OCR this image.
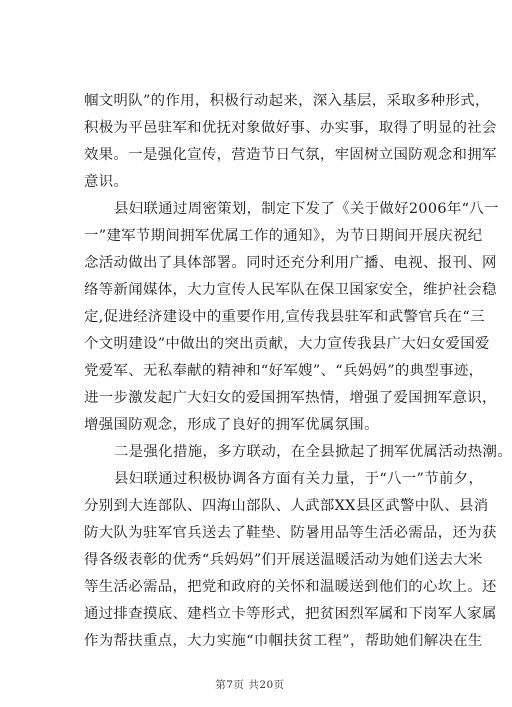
帼文明队”的作用，积极行动起来，深入基层，采取多种形式，
积极为平邑驻军和优抚对象做好事、办实事，取得了明显的社会
效果。一是强化宣传，营造节日气氛，牢固树立国防观念和拥军
意识。
县妇联通过周密策划，制定下发了《关于做好2006年“八一
一”建军节期间拥军优属工作的通知》，为节日期间开展庆祝纪
念活动做出了具体部署。同时还充分利用广播、电视、报刊、网
络等新闻媒体，大力宣传人民军队在保卫国家安全，维护社会稳
定,促进经济建设中的重要作用,宣传我县驻军和武警官兵在“三
个文明建设”中做出的突出贡献，大力宣传我县广大妇女爱国爱
党爱军、无私奉献的精神和“好军嫂”、“兵妈妈”的典型事迹，
进一步激发起广大妇女的爱国拥军热情，增强了爱国拥军意识，
增强国防观念，形成了良好的拥军优属氛围。
二是强化措施，多方联动，在全县掀起了拥军优属活动热潮。
县妇联通过积极协调各方面有关力量，于“八一”节前夕，
分别到大连部队、四海山部队、人武部XX县区武警中队、县消
防大队为驻军官兵送去了鞋垫、防暑用品等生活必需品，还为获
得各级表彰的优秀“兵妈妈”们开展送温暖活动为她们送去大米
等生活必需品，把党和政府的关怀和温暖送到他们的心坎上。还
通过排查摸底、建档立卡等形式，把贫困烈军属和下岗军人家属
作为帮扶重点，大力实施“巾帼扶贫工程”，帮助她们解决在生
第7页 共20页
